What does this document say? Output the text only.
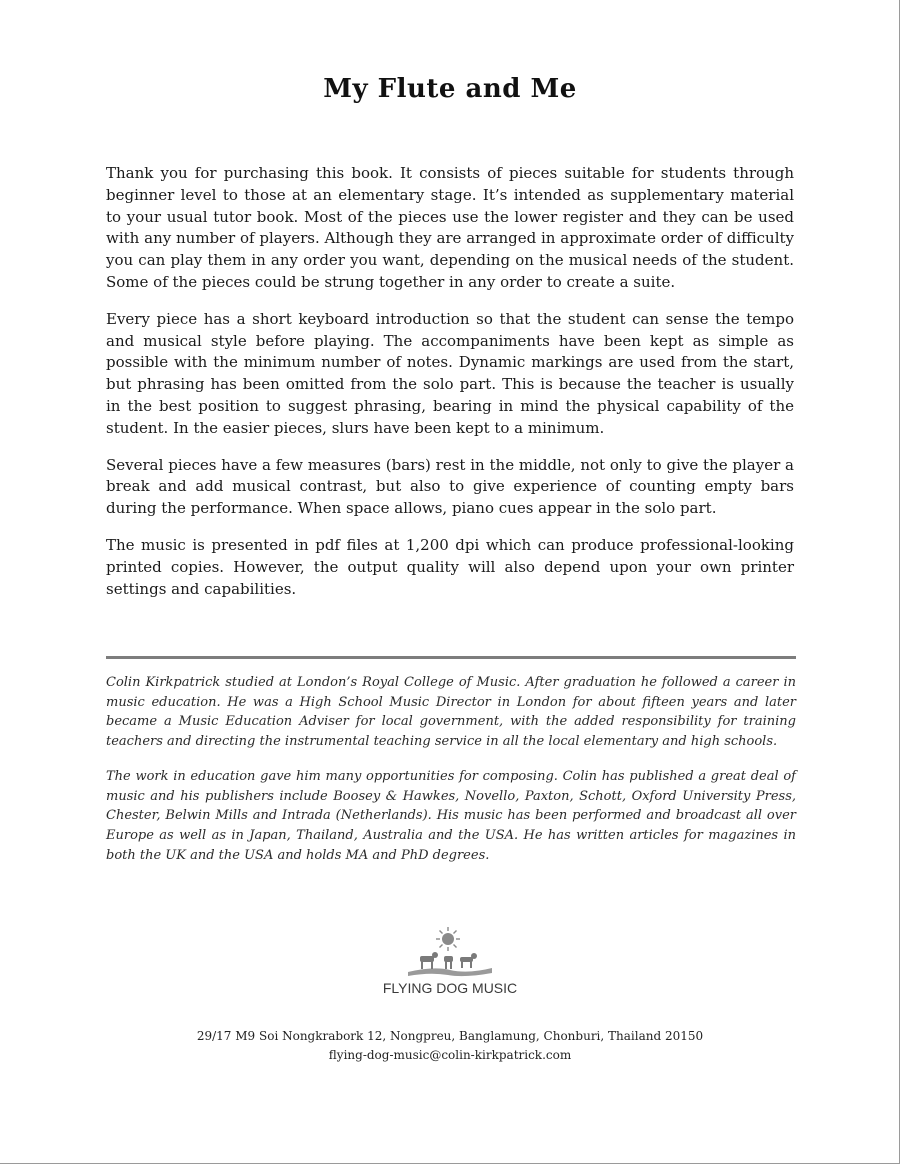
My Flute and Me

Thank you for purchasing this book. It consists of pieces suitable for students through beginner level to those at an elementary stage. It’s intended as supplementary material to your usual tutor book. Most of the pieces use the lower register and they can be used with any number of players. Although they are arranged in approximate order of difficulty you can play them in any order you want, depending on the musical needs of the student. Some of the pieces could be strung together in any order to create a suite.

Every piece has a short keyboard introduction so that the student can sense the tempo and musical style before playing. The accompaniments have been kept as simple as possible with the minimum number of notes. Dynamic markings are used from the start, but phrasing has been omitted from the solo part. This is because the teacher is usually in the best position to suggest phrasing, bearing in mind the physical capability of the student. In the easier pieces, slurs have been kept to a minimum.

Several pieces have a few measures (bars) rest in the middle, not only to give the player a break and add musical contrast, but also to give experience of counting empty bars during the performance. When space allows, piano cues appear in the solo part.

The music is presented in pdf files at 1,200 dpi which can produce professional-looking printed copies. However, the output quality will also depend upon your own printer settings and capabilities.

Colin Kirkpatrick studied at London’s Royal College of Music. After graduation he followed a career in music education. He was a High School Music Director in London for about fifteen years and later became a Music Education Adviser for local government, with the added responsibility for training teachers and directing the instrumental teaching service in all the local elementary and high schools.

The work in education gave him many opportunities for composing. Colin has published a great deal of music and his publishers include Boosey & Hawkes, Novello, Paxton, Schott, Oxford University Press, Chester, Belwin Mills and Intrada (Netherlands). His music has been performed and broadcast all over Europe as well as in Japan, Thailand, Australia and the USA. He has written articles for magazines in both the UK and the USA and holds MA and PhD degrees.

FLYING DOG MUSIC
29/17 M9 Soi Nongkrabork 12, Nongpreu, Banglamung, Chonburi, Thailand 20150
flying-dog-music@colin-kirkpatrick.com
